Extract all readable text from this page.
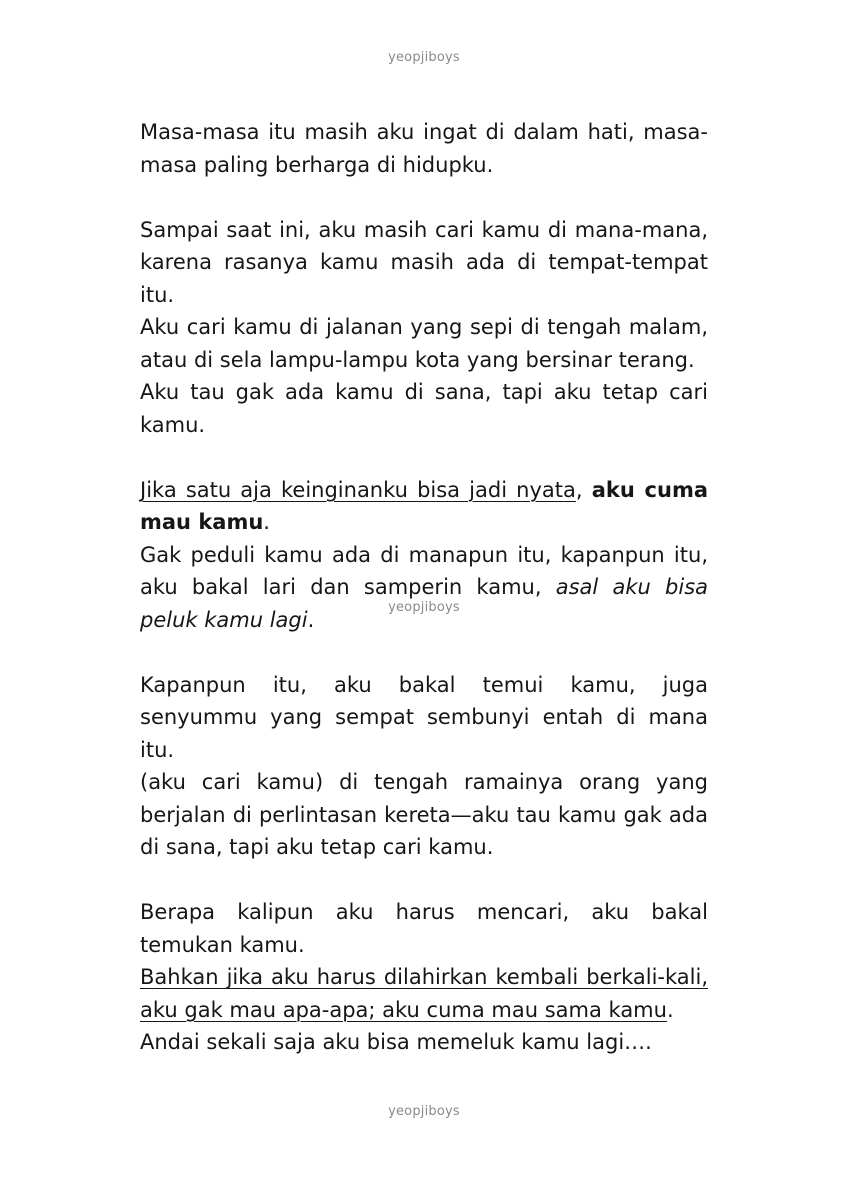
yeopjiboys

Masa-masa itu masih aku ingat di dalam hati, masa-masa paling berharga di hidupku.

Sampai saat ini, aku masih cari kamu di mana-mana, karena rasanya kamu masih ada di tempat-tempat itu.

Aku cari kamu di jalanan yang sepi di tengah malam, atau di sela lampu-lampu kota yang bersinar terang.

Aku tau gak ada kamu di sana, tapi aku tetap cari kamu.

Jika satu aja keinginanku bisa jadi nyata, aku cuma mau kamu.

Gak peduli kamu ada di manapun itu, kapanpun itu, aku bakal lari dan samperin kamu, asal aku bisa peluk kamu lagi.

Kapanpun itu, aku bakal temui kamu, juga senyummu yang sempat sembunyi entah di mana itu.

(aku cari kamu) di tengah ramainya orang yang berjalan di perlintasan kereta—aku tau kamu gak ada di sana, tapi aku tetap cari kamu.

Berapa kalipun aku harus mencari, aku bakal temukan kamu.

Bahkan jika aku harus dilahirkan kembali berkali-kali, aku gak mau apa-apa; aku cuma mau sama kamu.

Andai sekali saja aku bisa memeluk kamu lagi….

yeopjiboys
yeopjiboys
